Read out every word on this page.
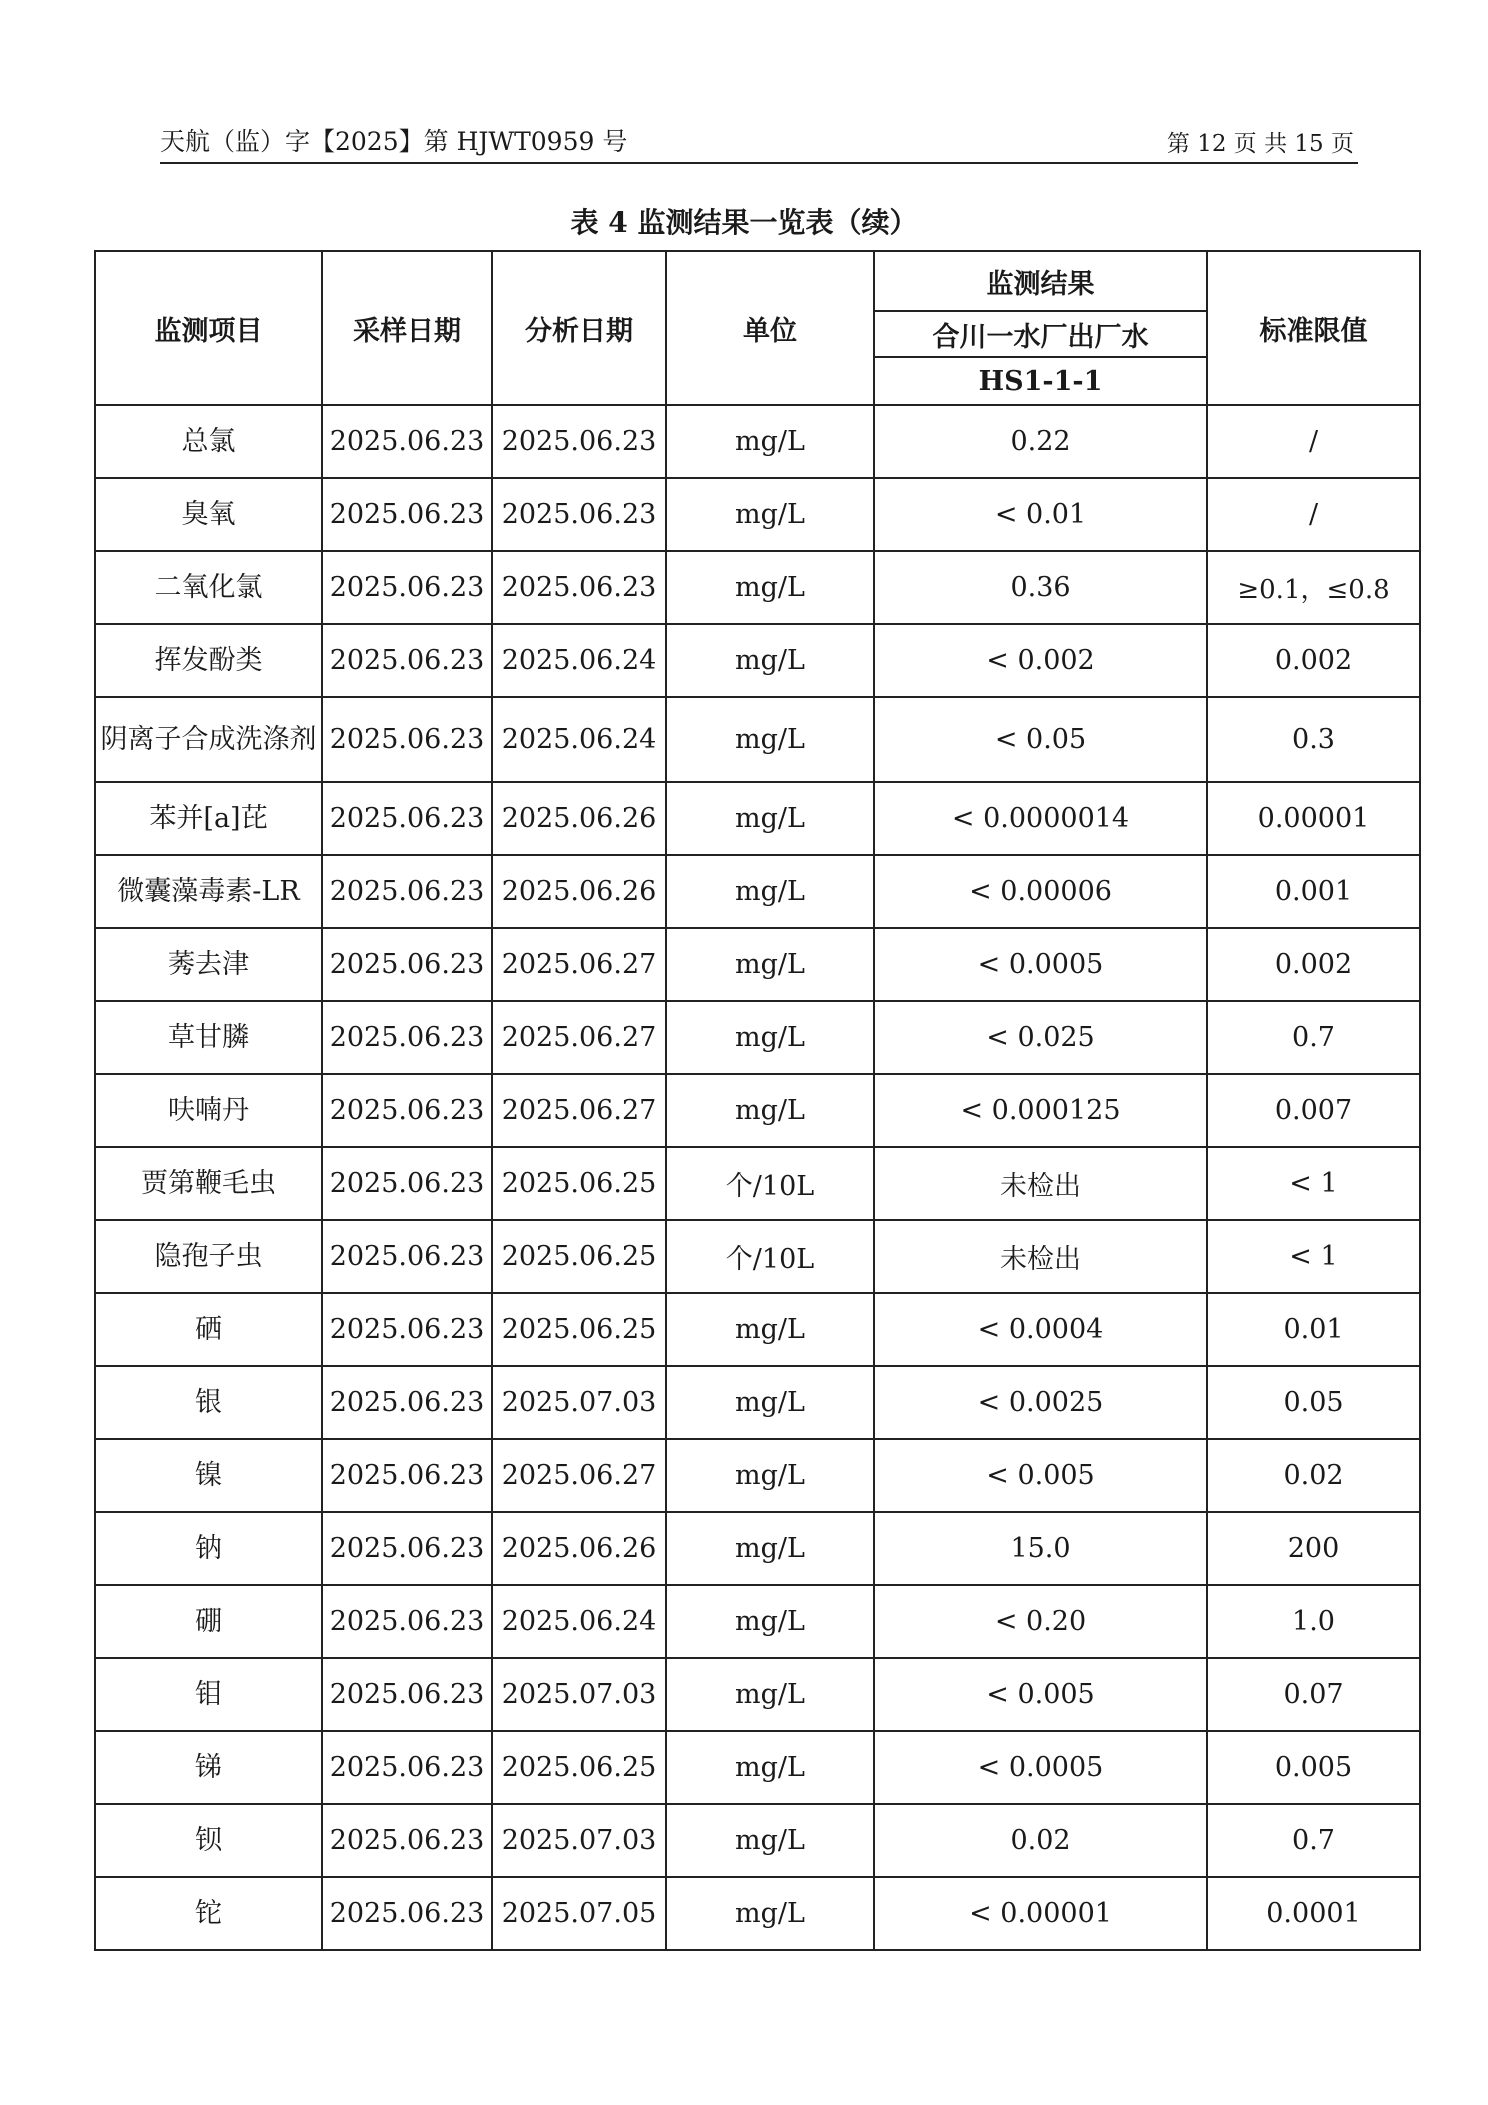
天航（监）字【2025】第 HJWT0959 号	第 12 页 共 15 页
表 4 监测结果一览表（续）
监测项目	采样日期	分析日期	单位	监测结果	标准限值
				合川一水厂出厂水	
				HS1-1-1	
总氯	2025.06.23	2025.06.23	mg/L	0.22	/
臭氧	2025.06.23	2025.06.23	mg/L	< 0.01	/
二氧化氯	2025.06.23	2025.06.23	mg/L	0.36	≥0.1，≤0.8
挥发酚类	2025.06.23	2025.06.24	mg/L	< 0.002	0.002
阴离子合成洗涤剂	2025.06.23	2025.06.24	mg/L	< 0.05	0.3
苯并[a]芘	2025.06.23	2025.06.26	mg/L	< 0.0000014	0.00001
微囊藻毒素-LR	2025.06.23	2025.06.26	mg/L	< 0.00006	0.001
莠去津	2025.06.23	2025.06.27	mg/L	< 0.0005	0.002
草甘膦	2025.06.23	2025.06.27	mg/L	< 0.025	0.7
呋喃丹	2025.06.23	2025.06.27	mg/L	< 0.000125	0.007
贾第鞭毛虫	2025.06.23	2025.06.25	个/10L	未检出	< 1
隐孢子虫	2025.06.23	2025.06.25	个/10L	未检出	< 1
硒	2025.06.23	2025.06.25	mg/L	< 0.0004	0.01
银	2025.06.23	2025.07.03	mg/L	< 0.0025	0.05
镍	2025.06.23	2025.06.27	mg/L	< 0.005	0.02
钠	2025.06.23	2025.06.26	mg/L	15.0	200
硼	2025.06.23	2025.06.24	mg/L	< 0.20	1.0
钼	2025.06.23	2025.07.03	mg/L	< 0.005	0.07
锑	2025.06.23	2025.06.25	mg/L	< 0.0005	0.005
钡	2025.06.23	2025.07.03	mg/L	0.02	0.7
铊	2025.06.23	2025.07.05	mg/L	< 0.00001	0.0001
